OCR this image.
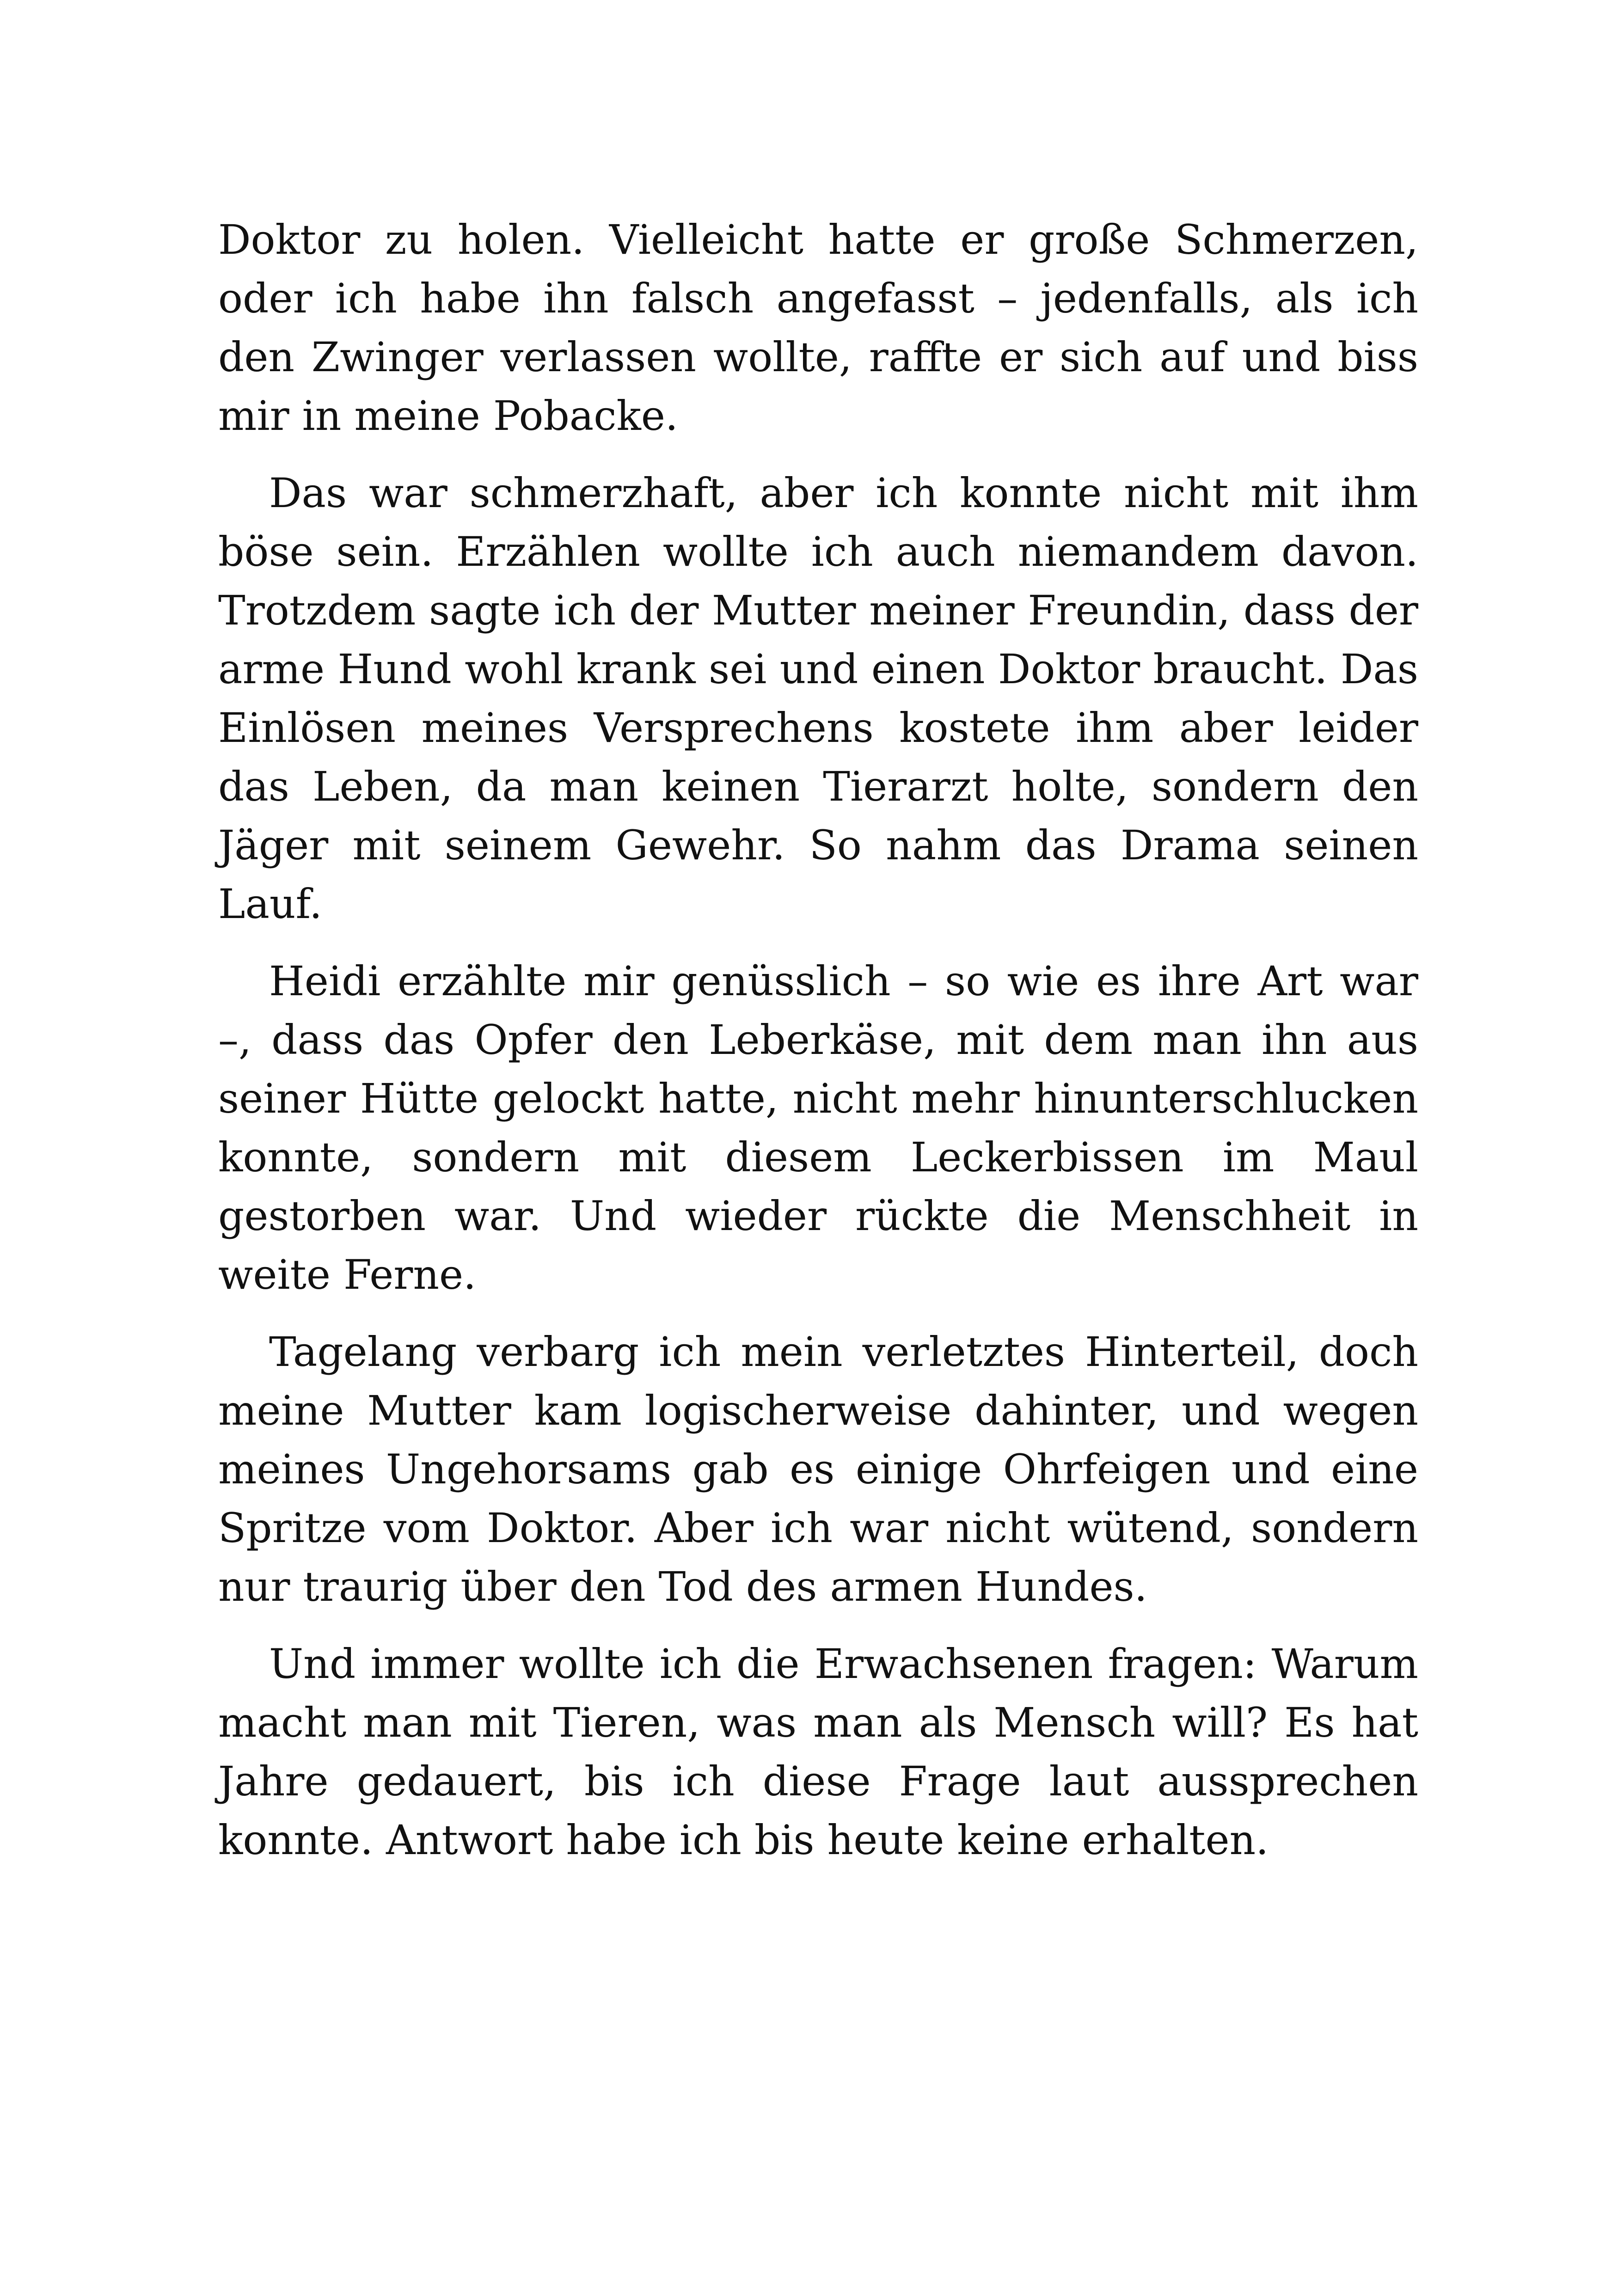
Doktor zu holen. Vielleicht hatte er große Schmerzen, oder ich habe ihn falsch angefasst – jedenfalls, als ich den Zwinger verlassen wollte, raffte er sich auf und biss mir in meine Pobacke.

Das war schmerzhaft, aber ich konnte nicht mit ihm böse sein. Erzählen wollte ich auch niemandem davon. Trotzdem sagte ich der Mutter meiner Freundin, dass der arme Hund wohl krank sei und einen Doktor braucht. Das Einlösen meines Versprechens kostete ihm aber leider das Leben, da man keinen Tierarzt holte, sondern den Jäger mit seinem Gewehr. So nahm das Drama seinen Lauf.

Heidi erzählte mir genüsslich – so wie es ihre Art war –, dass das Opfer den Leberkäse, mit dem man ihn aus seiner Hütte gelockt hatte, nicht mehr hinunterschlucken konnte, sondern mit diesem Leckerbissen im Maul gestorben war. Und wieder rückte die Menschheit in weite Ferne.

Tagelang verbarg ich mein verletztes Hinterteil, doch meine Mutter kam logischerweise dahinter, und wegen meines Ungehorsams gab es einige Ohrfeigen und eine Spritze vom Doktor. Aber ich war nicht wütend, sondern nur traurig über den Tod des armen Hundes.

Und immer wollte ich die Erwachsenen fragen: Warum macht man mit Tieren, was man als Mensch will? Es hat Jahre gedauert, bis ich diese Frage laut aussprechen konnte. Antwort habe ich bis heute keine erhalten.
